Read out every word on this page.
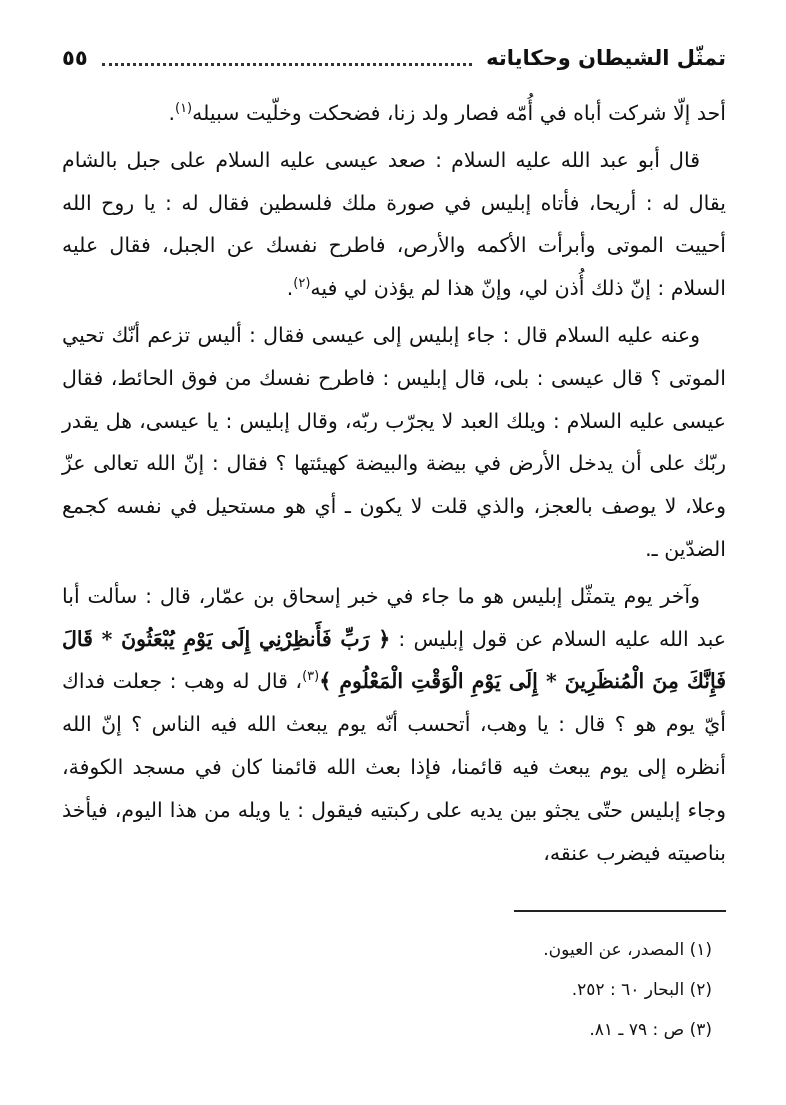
تمثّل الشيطان وحكاياته
٥٥

أحد إلّا شركت أباه في أُمّه فصار ولد زنا، فضحكت وخلّيت سبيله$^{(١)}$.

قال أبو عبد الله عليه السلام : صعد عيسى عليه السلام على جبل بالشام يقال له : أريحا، فأتاه إبليس في صورة ملك فلسطين فقال له : يا روح الله أحييت الموتى وأبرأت الأكمه والأرص، فاطرح نفسك عن الجبل، فقال عليه السلام : إنّ ذلك أُذن لي، وإنّ هذا لم يؤذن لي فيه$^{(٢)}$.

وعنه عليه السلام قال : جاء إبليس إلى عيسى فقال : أليس تزعم أنّك تحيي الموتى ؟ قال عيسى : بلى، قال إبليس : فاطرح نفسك من فوق الحائط، فقال عيسى عليه السلام : ويلك العبد لا يجرّب ربّه، وقال إبليس : يا عيسى، هل يقدر ربّك على أن يدخل الأرض في بيضة والبيضة كهيئتها ؟ فقال : إنّ الله تعالى عزّ وعلا، لا يوصف بالعجز، والذي قلت لا يكون ـ أي هو مستحيل في نفسه كجمع الضدّين ـ.

وآخر يوم يتمثّل إبليس هو ما جاء في خبر إسحاق بن عمّار، قال : سألت أبا عبد الله عليه السلام عن قول إبليس : ﴿ رَبِّ فَأَنظِرْنِي إِلَى يَوْمِ يُبْعَثُونَ * قَالَ فَإِنَّكَ مِنَ الْمُنظَرِينَ * إِلَى يَوْمِ الْوَقْتِ الْمَعْلُومِ ﴾$^{(٣)}$، قال له وهب : جعلت فداك أيّ يوم هو ؟ قال : يا وهب، أتحسب أنّه يوم يبعث الله فيه الناس ؟ إنّ الله أنظره إلى يوم يبعث فيه قائمنا، فإذا بعث الله قائمنا كان في مسجد الكوفة، وجاء إبليس حتّى يجثو بين يديه على ركبتيه فيقول : يا ويله من هذا اليوم، فيأخذ بناصيته فيضرب عنقه،

(١) المصدر، عن العيون.
(٢) البحار ٦٠ : ٢٥٢.
(٣) ص : ٧٩ ـ ٨١.
